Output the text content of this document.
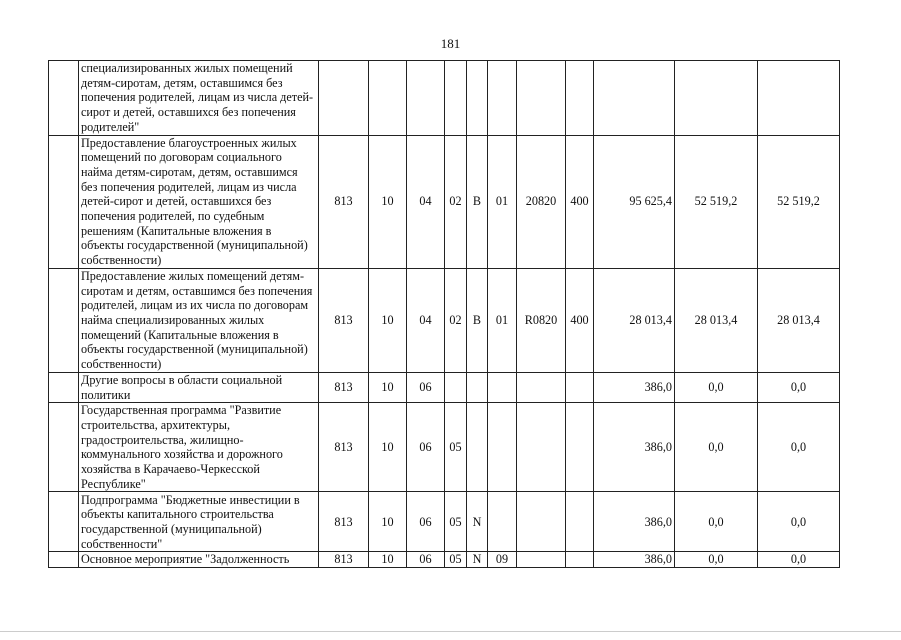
181
	специализированных жилых помещений детям-сиротам, детям, оставшимся без попечения родителей, лицам из числа детей-сирот и детей, оставшихся без попечения родителей"											
	Предоставление благоустроенных жилых помещений по договорам социального найма детям-сиротам, детям, оставшимся без попечения родителей, лицам из числа детей-сирот и детей, оставшихся без попечения родителей, по судебным решениям (Капитальные вложения в объекты государственной (муниципальной) собственности)	813	10	04	02	В	01	20820	400	95 625,4	52 519,2	52 519,2
	Предоставление жилых помещений детям-сиротам и детям, оставшимся без попечения родителей, лицам из их числа по договорам найма специализированных жилых помещений (Капитальные вложения в объекты государственной (муниципальной) собственности)	813	10	04	02	В	01	R0820	400	28 013,4	28 013,4	28 013,4
	Другие вопросы в области социальной политики	813	10	06						386,0	0,0	0,0
	Государственная программа "Развитие строительства, архитектуры, градостроительства, жилищно-коммунального хозяйства и дорожного хозяйства в Карачаево-Черкесской Республике"	813	10	06	05					386,0	0,0	0,0
	Подпрограмма "Бюджетные инвестиции в объекты капитального строительства государственной (муниципальной) собственности"	813	10	06	05	N				386,0	0,0	0,0
	Основное мероприятие "Задолженность	813	10	06	05	N	09			386,0	0,0	0,0
